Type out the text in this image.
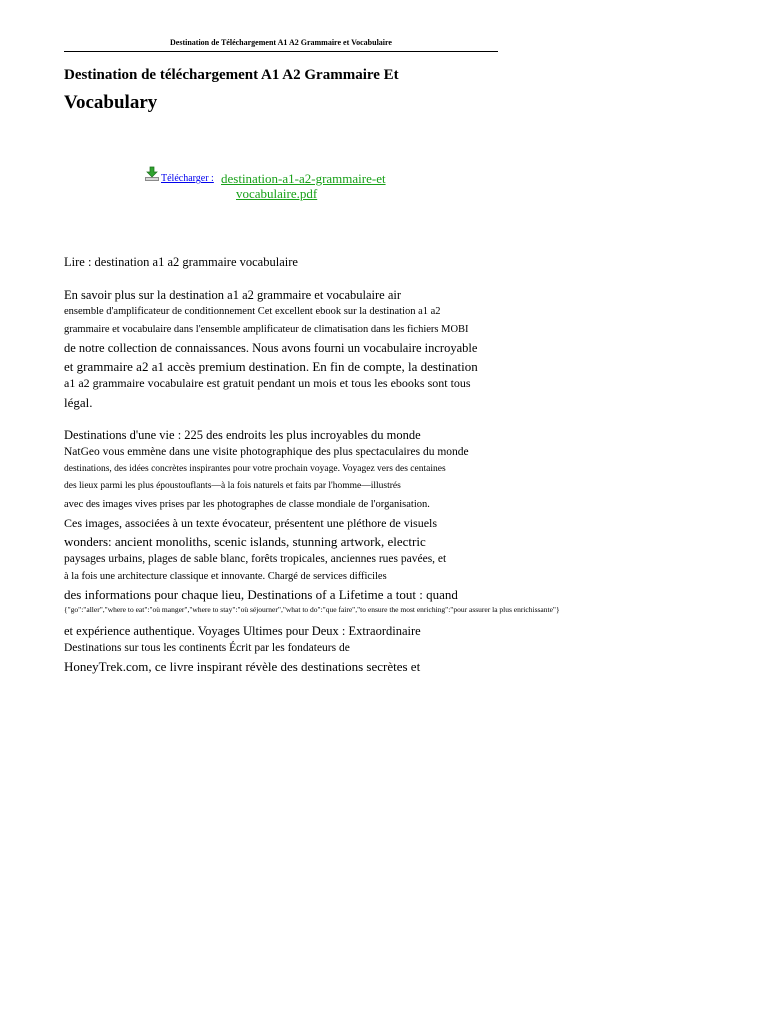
Destination de Téléchargement A1 A2 Grammaire et Vocabulaire
Destination de téléchargement A1 A2 Grammaire Et
Vocabulary
Télécharger : destination-a1-a2-grammaire-et
vocabulaire.pdf
Lire : destination a1 a2 grammaire vocabulaire
En savoir plus sur la destination a1 a2 grammaire et vocabulaire air
ensemble d'amplificateur de conditionnement Cet excellent ebook sur la destination a1 a2
grammaire et vocabulaire dans l'ensemble amplificateur de climatisation dans les fichiers MOBI
de notre collection de connaissances. Nous avons fourni un vocabulaire incroyable
et grammaire a2 a1 accès premium destination. En fin de compte, la destination
a1 a2 grammaire vocabulaire est gratuit pendant un mois et tous les ebooks sont tous
légal.
Destinations d'une vie : 225 des endroits les plus incroyables du monde
NatGeo vous emmène dans une visite photographique des plus spectaculaires du monde
destinations, des idées concrètes inspirantes pour votre prochain voyage. Voyagez vers des centaines
des lieux parmi les plus époustouflants—à la fois naturels et faits par l'homme—illustrés
avec des images vives prises par les photographes de classe mondiale de l'organisation.
Ces images, associées à un texte évocateur, présentent une pléthore de visuels
wonders: ancient monoliths, scenic islands, stunning artwork, electric
paysages urbains, plages de sable blanc, forêts tropicales, anciennes rues pavées, et
à la fois une architecture classique et innovante. Chargé de services difficiles
des informations pour chaque lieu, Destinations of a Lifetime a tout : quand
{"go":"aller","where to eat":"où manger","where to stay":"où séjourner","what to do":"que faire","to ensure the most enriching":"pour assurer la plus enrichissante"}
et expérience authentique. Voyages Ultimes pour Deux : Extraordinaire
Destinations sur tous les continents Écrit par les fondateurs de
HoneyTrek.com, ce livre inspirant révèle des destinations secrètes et
